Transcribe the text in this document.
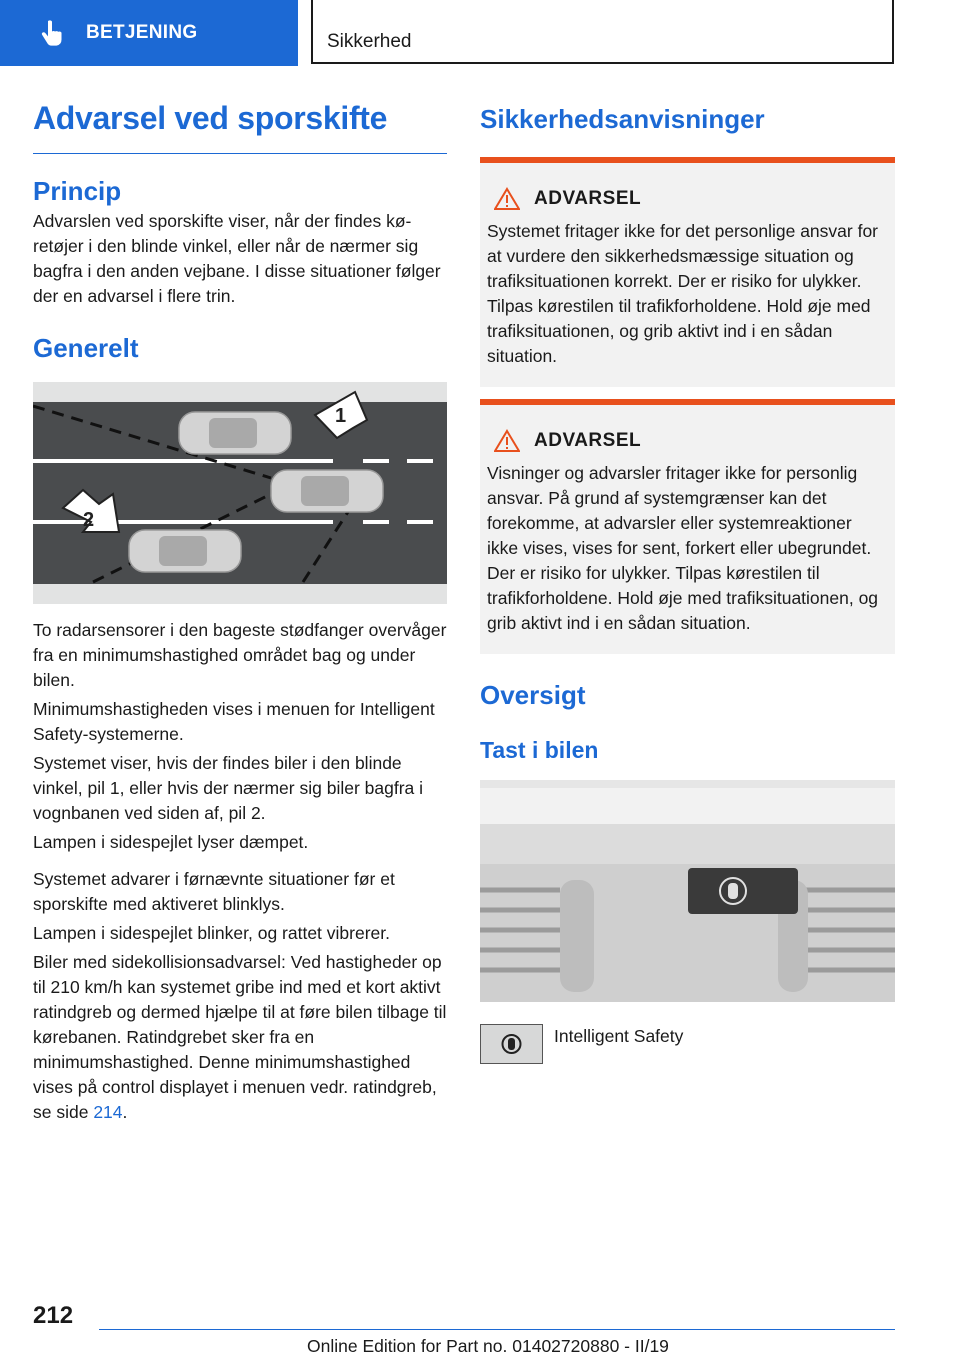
BETJENING	Sikkerhed
Advarsel ved sporskifte
Princip

Advarslen ved sporskifte viser, når der findes køretøjer i den blinde vinkel, eller når de nærmer sig bagfra i den anden vejbane. I disse situationer følger der en advarsel i flere trin.

Generelt
1
2

To radarsensorer i den bageste stødfanger overvåger fra en minimumshastighed området bag og under bilen.

Minimumshastigheden vises i menuen for Intelligent Safety-systemerne.

Systemet viser, hvis der findes biler i den blinde vinkel, pil 1, eller hvis der nærmer sig biler bagfra i vognbanen ved siden af, pil 2.

Lampen i sidespejlet lyser dæmpet.

Systemet advarer i førnævnte situationer før et sporskifte med aktiveret blinklys.

Lampen i sidespejlet blinker, og rattet vibrerer.

Biler med sidekollisionsadvarsel: Ved hastigheder op til 210 km/h kan systemet gribe ind med et kort aktivt ratindgreb og dermed hjælpe til at føre bilen tilbage til kørebanen. Ratindgrebet sker fra en minimumshastighed. Denne minimumshastighed vises på control displayet i menuen vedr. ratindgreb, se side 214.

Sikkerhedsanvisninger
ADVARSEL

Systemet fritager ikke for det personlige ansvar for at vurdere den sikkerhedsmæssige situation og trafiksituationen korrekt. Der er risiko for ulykker. Tilpas kørestilen til trafikforholdene. Hold øje med trafiksituationen, og grib aktivt ind i en sådan situation.

ADVARSEL

Visninger og advarsler fritager ikke for personlig ansvar. På grund af systemgrænser kan det forekomme, at advarsler eller systemreaktioner ikke vises, vises for sent, forkert eller ubegrundet. Der er risiko for ulykker. Tilpas kørestilen til trafikforholdene. Hold øje med trafiksituationen, og grib aktivt ind i en sådan situation.

Oversigt
Tast i bilen

Intelligent Safety

212
Online Edition for Part no. 01402720880 - II/19
